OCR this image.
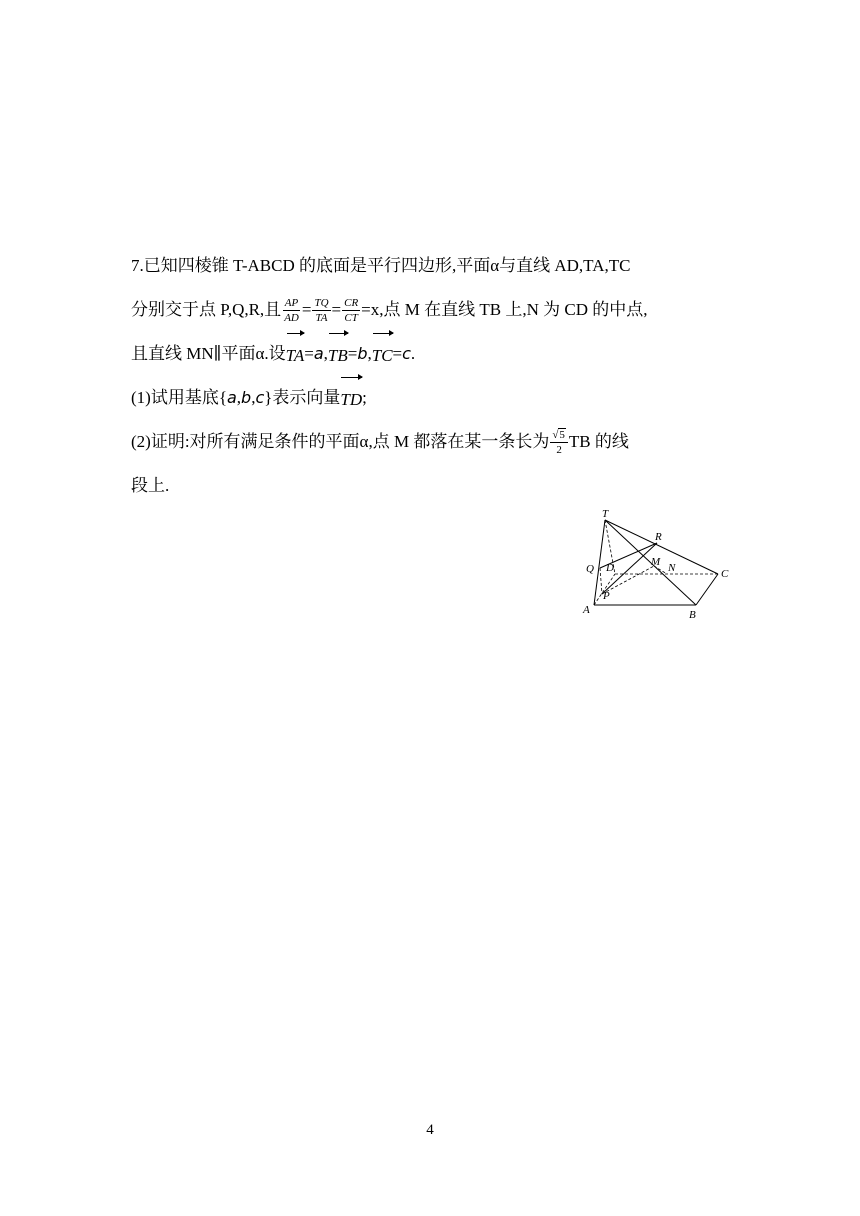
7.已知四棱锥 T-ABCD 的底面是平行四边形,平面α与直线 AD,TA,TC
分别交于点 P,Q,R,且 $\frac{AP}{AD} = \frac{TQ}{TA} = \frac{CR}{CT} =x$,点 M 在直线 TB 上,N 为 CD 的中点,
且直线 MN∥平面α.设 TA = a , TB = b , TC = c .
(1)试用基底{ a , b , c }表示向量 TD ;
(2)证明:对所有满足条件的平面α,点 M 都落在某一条长为 $\frac{√5}{2}$ TB 的线
段上.
T
R
Q D	M N	C
P
A	B
4
